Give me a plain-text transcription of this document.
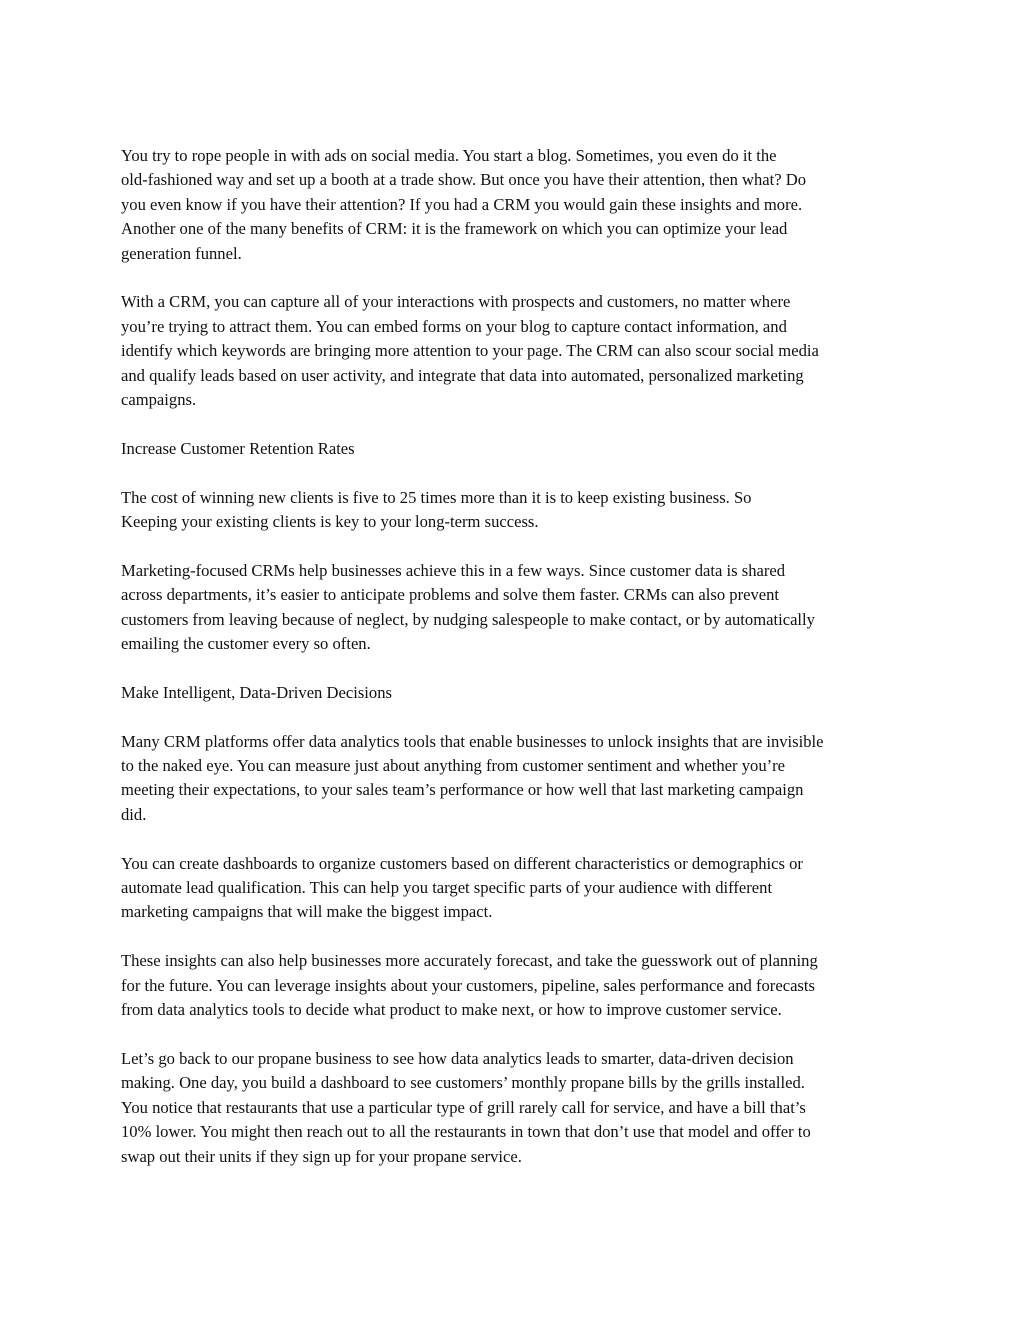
You try to rope people in with ads on social media. You start a blog. Sometimes, you even do it the
old-fashioned way and set up a booth at a trade show. But once you have their attention, then what? Do
you even know if you have their attention? If you had a CRM you would gain these insights and more.
Another one of the many benefits of CRM: it is the framework on which you can optimize your lead
generation funnel.
With a CRM, you can capture all of your interactions with prospects and customers, no matter where
you’re trying to attract them. You can embed forms on your blog to capture contact information, and
identify which keywords are bringing more attention to your page. The CRM can also scour social media
and qualify leads based on user activity, and integrate that data into automated, personalized marketing
campaigns.
Increase Customer Retention Rates
The cost of winning new clients is five to 25 times more than it is to keep existing business. So
Keeping your existing clients is key to your long-term success.
Marketing-focused CRMs help businesses achieve this in a few ways. Since customer data is shared
across departments, it’s easier to anticipate problems and solve them faster. CRMs can also prevent
customers from leaving because of neglect, by nudging salespeople to make contact, or by automatically
emailing the customer every so often.
Make Intelligent, Data-Driven Decisions
Many CRM platforms offer data analytics tools that enable businesses to unlock insights that are invisible
to the naked eye. You can measure just about anything from customer sentiment and whether you’re
meeting their expectations, to your sales team’s performance or how well that last marketing campaign
did.
You can create dashboards to organize customers based on different characteristics or demographics or
automate lead qualification. This can help you target specific parts of your audience with different
marketing campaigns that will make the biggest impact.
These insights can also help businesses more accurately forecast, and take the guesswork out of planning
for the future. You can leverage insights about your customers, pipeline, sales performance and forecasts
from data analytics tools to decide what product to make next, or how to improve customer service.
Let’s go back to our propane business to see how data analytics leads to smarter, data-driven decision
making. One day, you build a dashboard to see customers’ monthly propane bills by the grills installed.
You notice that restaurants that use a particular type of grill rarely call for service, and have a bill that’s
10% lower. You might then reach out to all the restaurants in town that don’t use that model and offer to
swap out their units if they sign up for your propane service.
